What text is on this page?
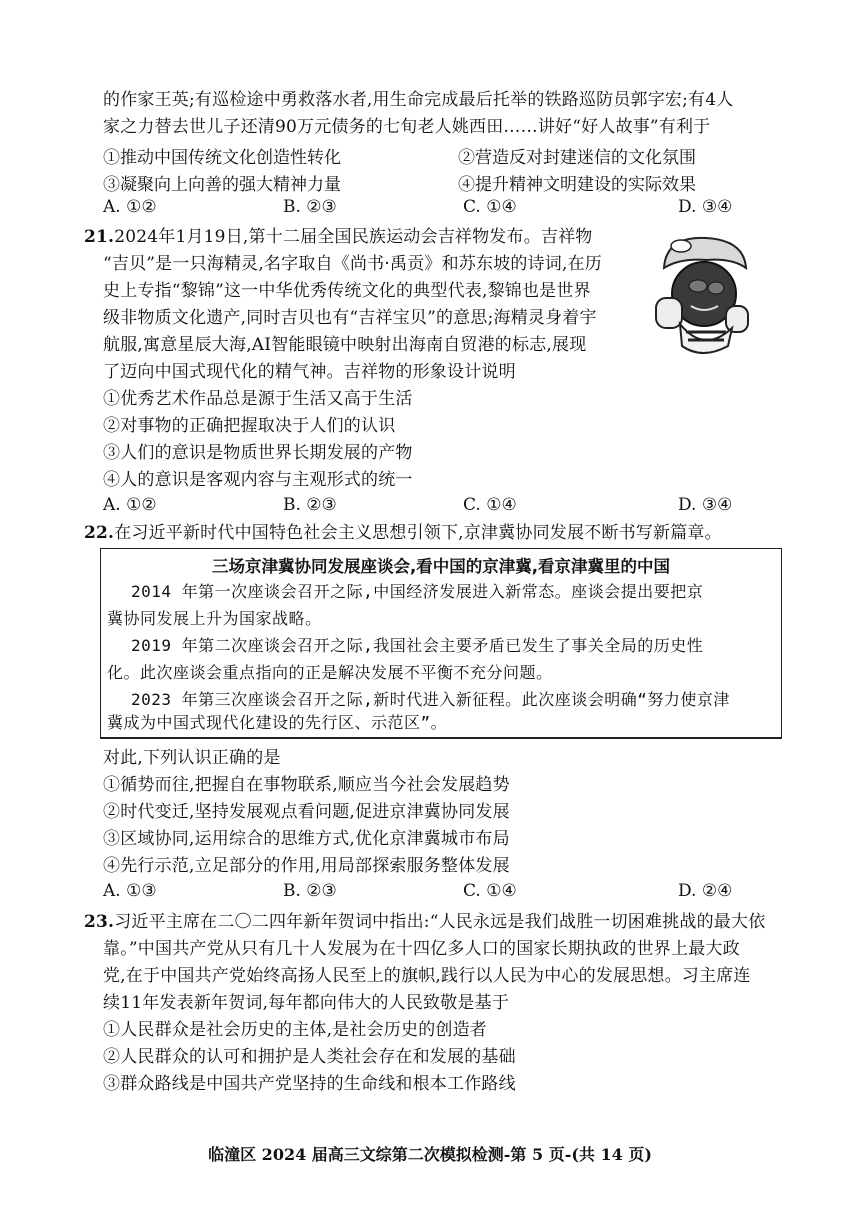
的作家王英;有巡检途中勇救落水者,用生命完成最后托举的铁路巡防员郭字宏;有4人
家之力替去世儿子还清90万元债务的七旬老人姚西田……讲好“好人故事”有利于
①推动中国传统文化创造性转化	②营造反对封建迷信的文化氛围
③凝聚向上向善的强大精神力量	④提升精神文明建设的实际效果
A. ①②	B. ②③	C. ①④	D. ③④
21.2024年1月19日,第十二届全国民族运动会吉祥物发布。吉祥物
“吉贝”是一只海精灵,名字取自《尚书·禹贡》和苏东坡的诗词,在历
史上专指“黎锦”这一中华优秀传统文化的典型代表,黎锦也是世界
级非物质文化遗产,同时吉贝也有“吉祥宝贝”的意思;海精灵身着宇
航服,寓意星辰大海,AI智能眼镜中映射出海南自贸港的标志,展现
了迈向中国式现代化的精气神。吉祥物的形象设计说明
①优秀艺术作品总是源于生活又高于生活
②对事物的正确把握取决于人们的认识
③人们的意识是物质世界长期发展的产物
④人的意识是客观内容与主观形式的统一
A. ①②	B. ②③	C. ①④	D. ③④
22.在习近平新时代中国特色社会主义思想引领下,京津冀协同发展不断书写新篇章。
三场京津冀协同发展座谈会,看中国的京津冀,看京津冀里的中国
2014 年第一次座谈会召开之际,中国经济发展进入新常态。座谈会提出要把京
冀协同发展上升为国家战略。
2019 年第二次座谈会召开之际,我国社会主要矛盾已发生了事关全局的历史性
化。此次座谈会重点指向的正是解决发展不平衡不充分问题。
2023 年第三次座谈会召开之际,新时代进入新征程。此次座谈会明确“努力使京津
冀成为中国式现代化建设的先行区、示范区”。
对此,下列认识正确的是
①循势而往,把握自在事物联系,顺应当今社会发展趋势
②时代变迁,坚持发展观点看问题,促进京津冀协同发展
③区域协同,运用综合的思维方式,优化京津冀城市布局
④先行示范,立足部分的作用,用局部探索服务整体发展
A. ①③	B. ②③	C. ①④	D. ②④
23.习近平主席在二〇二四年新年贺词中指出:“人民永远是我们战胜一切困难挑战的最大依
靠。”中国共产党从只有几十人发展为在十四亿多人口的国家长期执政的世界上最大政
党,在于中国共产党始终高扬人民至上的旗帜,践行以人民为中心的发展思想。习主席连
续11年发表新年贺词,每年都向伟大的人民致敬是基于
①人民群众是社会历史的主体,是社会历史的创造者
②人民群众的认可和拥护是人类社会存在和发展的基础
③群众路线是中国共产党坚持的生命线和根本工作路线
临潼区 2024 届高三文综第二次模拟检测-第 5 页-(共 14 页)
